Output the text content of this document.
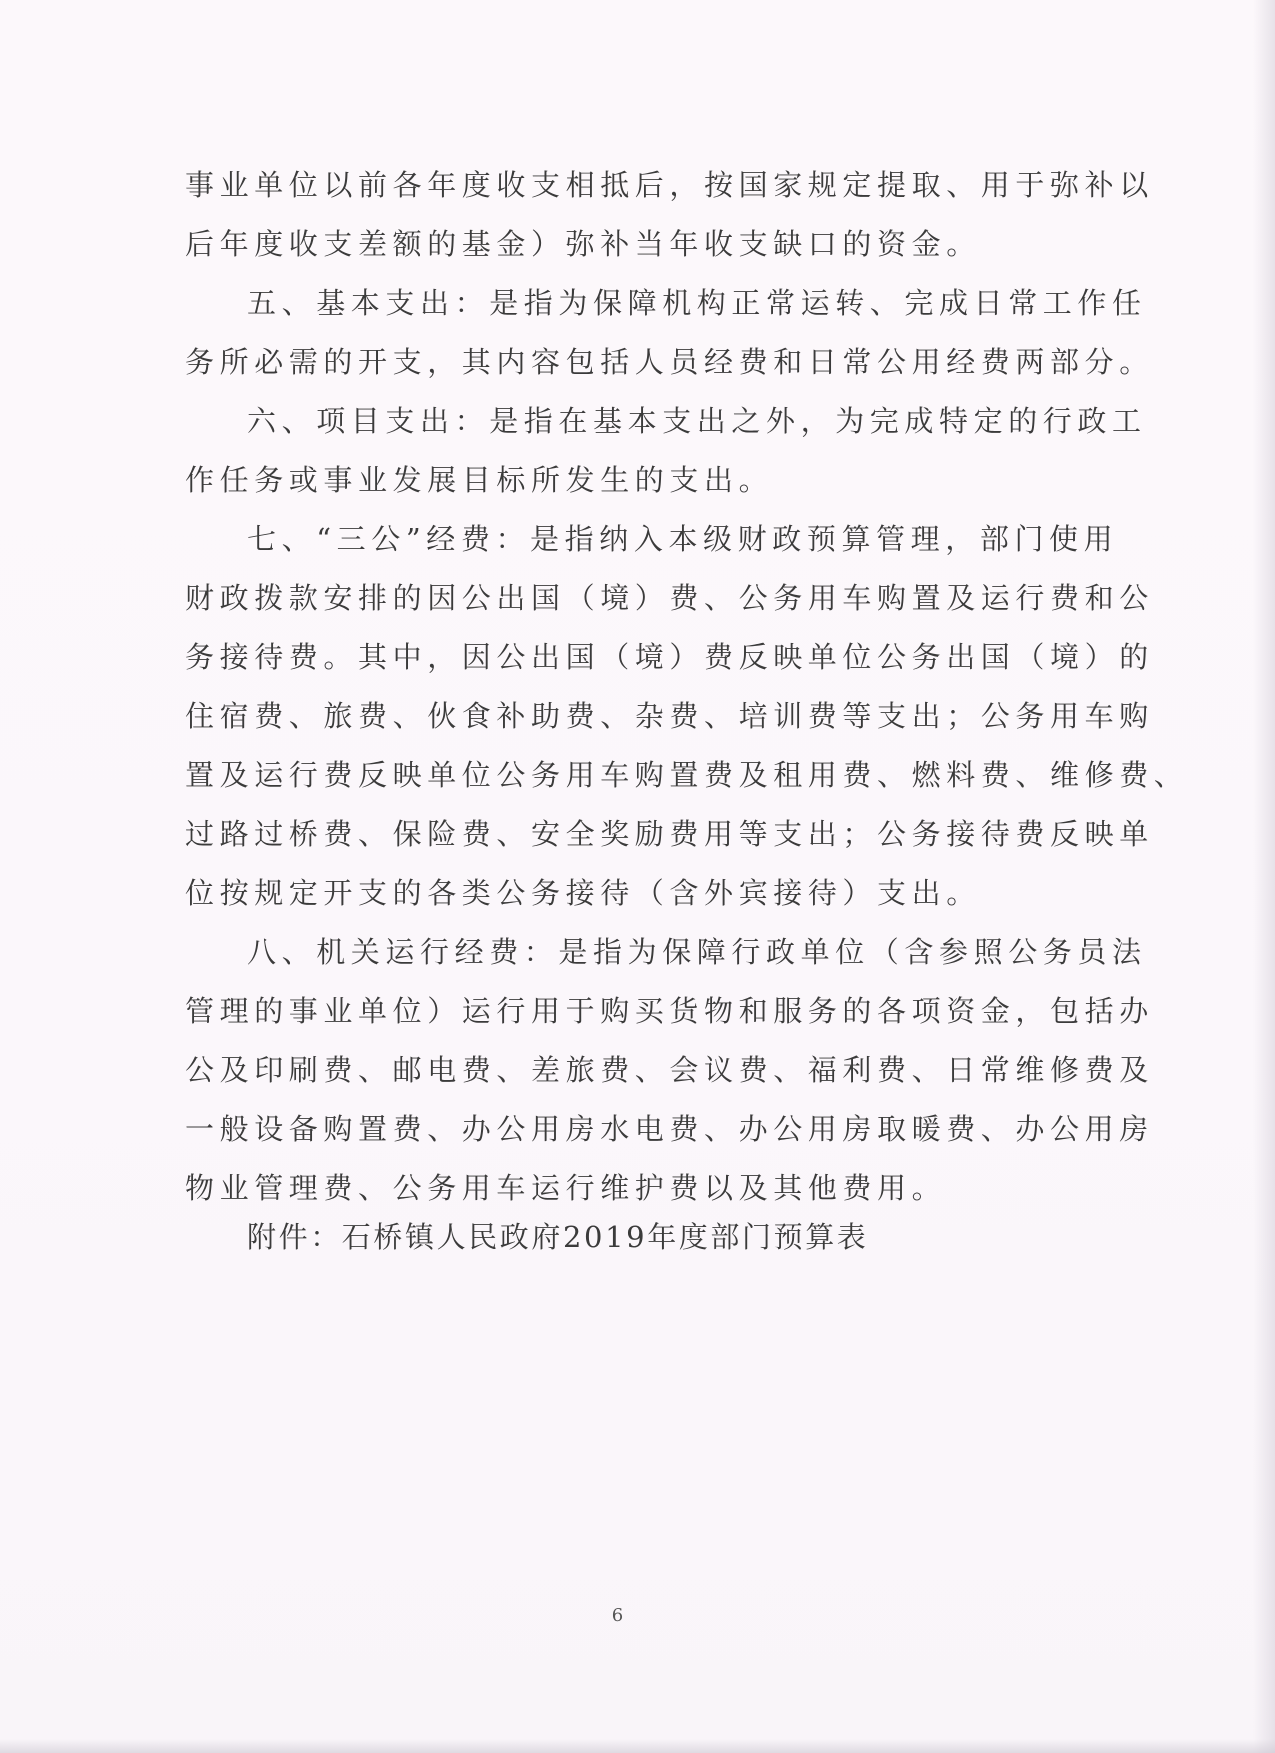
事业单位以前各年度收支相抵后，按国家规定提取、用于弥补以
后年度收支差额的基金）弥补当年收支缺口的资金。
五、基本支出：是指为保障机构正常运转、完成日常工作任
务所必需的开支，其内容包括人员经费和日常公用经费两部分。
六、项目支出：是指在基本支出之外，为完成特定的行政工
作任务或事业发展目标所发生的支出。
七、“三公”经费：是指纳入本级财政预算管理，部门使用
财政拨款安排的因公出国（境）费、公务用车购置及运行费和公
务接待费。其中，因公出国（境）费反映单位公务出国（境）的
住宿费、旅费、伙食补助费、杂费、培训费等支出；公务用车购
置及运行费反映单位公务用车购置费及租用费、燃料费、维修费、
过路过桥费、保险费、安全奖励费用等支出；公务接待费反映单
位按规定开支的各类公务接待（含外宾接待）支出。
八、机关运行经费：是指为保障行政单位（含参照公务员法
管理的事业单位）运行用于购买货物和服务的各项资金，包括办
公及印刷费、邮电费、差旅费、会议费、福利费、日常维修费及
一般设备购置费、办公用房水电费、办公用房取暖费、办公用房
物业管理费、公务用车运行维护费以及其他费用。
附件：石桥镇人民政府2019年度部门预算表
6
